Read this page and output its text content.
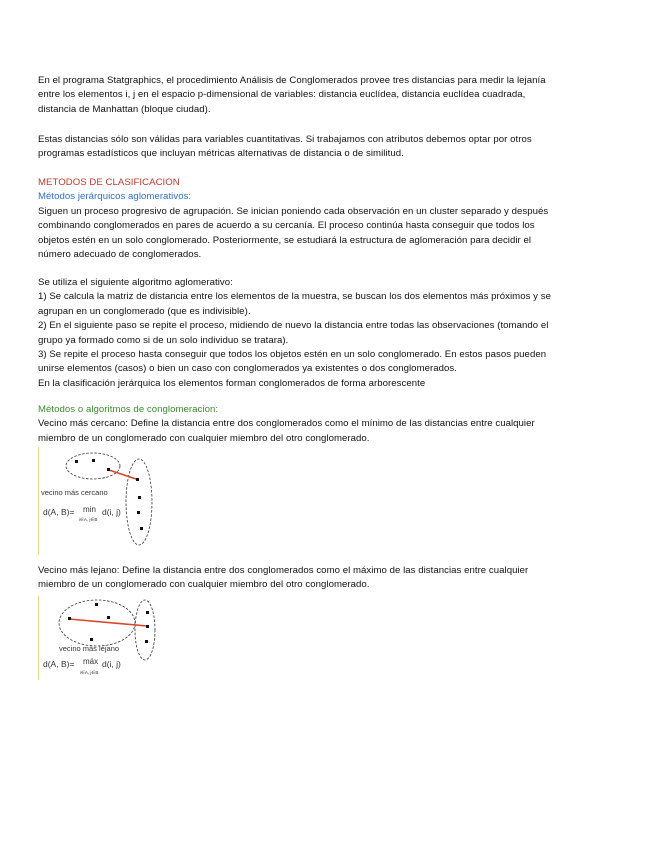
En el programa Statgraphics, el procedimiento Análisis de Conglomerados provee tres distancias para medir la lejanía
entre los elementos i, j en el espacio p-dimensional de variables: distancia euclídea, distancia euclídea cuadrada,
distancia de Manhattan (bloque ciudad).
Estas distancias sólo son válidas para variables cuantitativas. Si trabajamos con atributos debemos optar por otros
programas estadísticos que incluyan métricas alternativas de distancia o de similitud.
METODOS DE CLASIFICACION
Métodos jerárquicos aglomerativos:
Siguen un proceso progresivo de agrupación. Se inician poniendo cada observación en un cluster separado y después
combinando conglomerados en pares de acuerdo a su cercanía. El proceso continúa hasta conseguir que todos los
objetos estén en un solo conglomerado. Posteriormente, se estudiará la estructura de aglomeración para decidir el
número adecuado de conglomerados.
Se utiliza el siguiente algoritmo aglomerativo:
1) Se calcula la matriz de distancia entre los elementos de la muestra, se buscan los dos elementos más próximos y se
agrupan en un conglomerado (que es indivisible).
2) En el siguiente paso se repite el proceso, midiendo de nuevo la distancia entre todas las observaciones (tomando el
grupo ya formado como si de un solo individuo se tratara).
3) Se repite el proceso hasta conseguir que todos los objetos estén en un solo conglomerado. En estos pasos pueden
unirse elementos (casos) o bien un caso con conglomerados ya existentes o dos conglomerados.
En la clasificación jerárquica los elementos forman conglomerados de forma arborescente
Métodos o algoritmos de conglomeracion:
Vecino más cercano: Define la distancia entre dos conglomerados como el mínimo de las distancias entre cualquier
miembro de un conglomerado con cualquier miembro del otro conglomerado.
vecino más cercano
d(A, B)= min d(i, j)
i∈A, j∈B
Vecino más lejano: Define la distancia entre dos conglomerados como el máximo de las distancias entre cualquier
miembro de un conglomerado con cualquier miembro del otro conglomerado.
vecino más lejano
d(A, B)= máx d(i, j)
i∈A, j∈B
